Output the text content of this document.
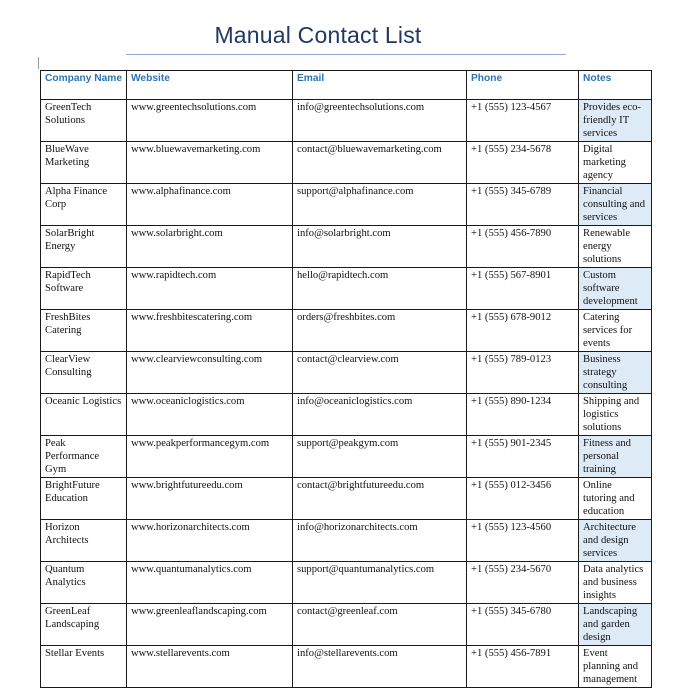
Manual Contact List
Company Name	Website	Email	Phone	Notes
GreenTech Solutions	www.greentechsolutions.com	info@greentechsolutions.com	+1 (555) 123-4567	Provides eco-friendly IT services
BlueWave Marketing	www.bluewavemarketing.com	contact@bluewavemarketing.com	+1 (555) 234-5678	Digital marketing agency
Alpha Finance Corp	www.alphafinance.com	support@alphafinance.com	+1 (555) 345-6789	Financial consulting and services
SolarBright Energy	www.solarbright.com	info@solarbright.com	+1 (555) 456-7890	Renewable energy solutions
RapidTech Software	www.rapidtech.com	hello@rapidtech.com	+1 (555) 567-8901	Custom software development
FreshBites Catering	www.freshbitescatering.com	orders@freshbites.com	+1 (555) 678-9012	Catering services for events
ClearView Consulting	www.clearviewconsulting.com	contact@clearview.com	+1 (555) 789-0123	Business strategy consulting
Oceanic Logistics	www.oceaniclogistics.com	info@oceaniclogistics.com	+1 (555) 890-1234	Shipping and logistics solutions
Peak Performance Gym	www.peakperformancegym.com	support@peakgym.com	+1 (555) 901-2345	Fitness and personal training
BrightFuture Education	www.brightfutureedu.com	contact@brightfutureedu.com	+1 (555) 012-3456	Online tutoring and education
Horizon Architects	www.horizonarchitects.com	info@horizonarchitects.com	+1 (555) 123-4560	Architecture and design services
Quantum Analytics	www.quantumanalytics.com	support@quantumanalytics.com	+1 (555) 234-5670	Data analytics and business insights
GreenLeaf Landscaping	www.greenleaflandscaping.com	contact@greenleaf.com	+1 (555) 345-6780	Landscaping and garden design
Stellar Events	www.stellarevents.com	info@stellarevents.com	+1 (555) 456-7891	Event planning and management
